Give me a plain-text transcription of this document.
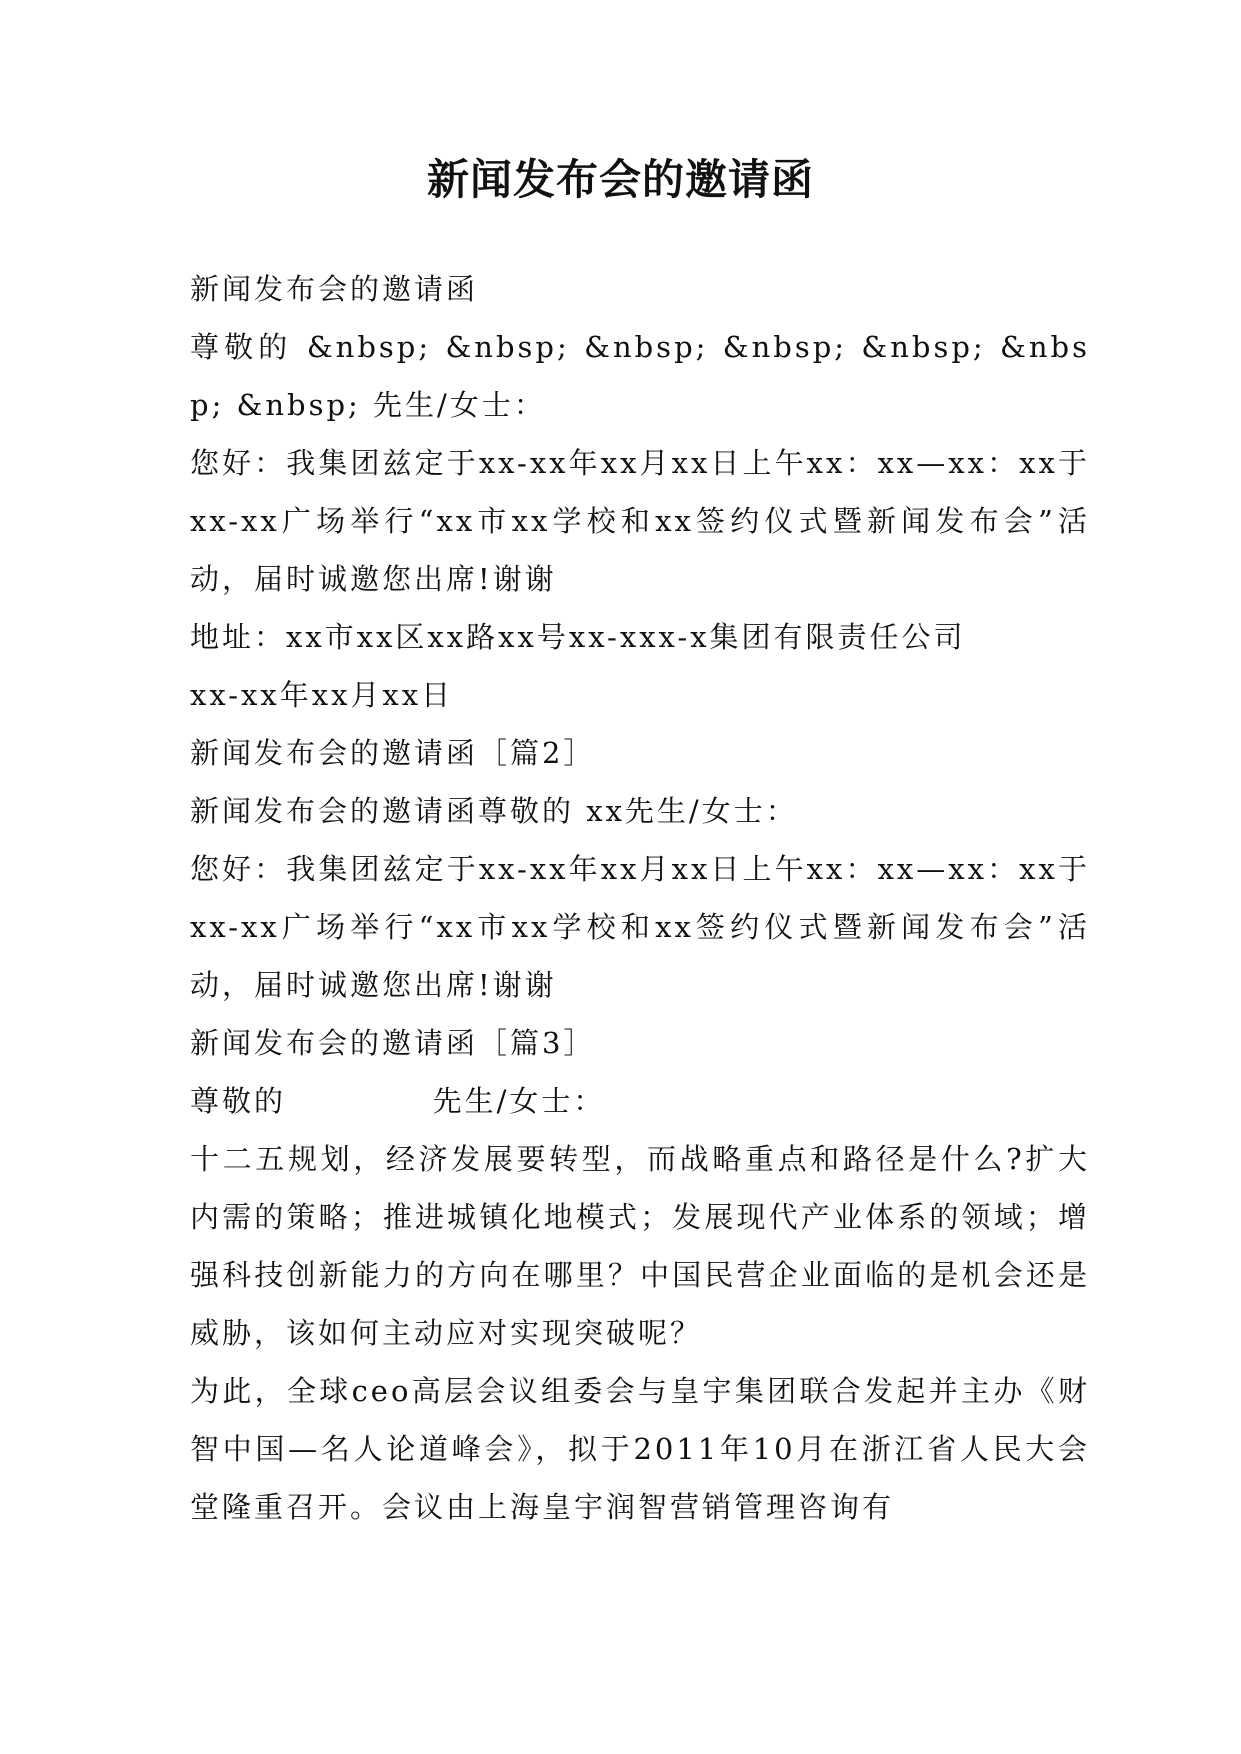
新闻发布会的邀请函

新闻发布会的邀请函

尊敬的 &nbsp; &nbsp; &nbsp; &nbsp; &nbsp; &nbsp; &nbsp; 先生/女士：

您好：我集团兹定于xx-xx年xx月xx日上午xx：xx—xx：xx于xx-xx广场举行“xx市xx学校和xx签约仪式暨新闻发布会”活动，届时诚邀您出席!谢谢

地址：xx市xx区xx路xx号xx-xxx-x集团有限责任公司

xx-xx年xx月xx日

新闻发布会的邀请函［篇2］

新闻发布会的邀请函尊敬的 xx先生/女士：

您好：我集团兹定于xx-xx年xx月xx日上午xx：xx—xx：xx于xx-xx广场举行“xx市xx学校和xx签约仪式暨新闻发布会”活动，届时诚邀您出席!谢谢

新闻发布会的邀请函［篇3］

尊敬的            先生/女士：

十二五规划，经济发展要转型，而战略重点和路径是什么?扩大内需的策略；推进城镇化地模式；发展现代产业体系的领域；增强科技创新能力的方向在哪里？中国民营企业面临的是机会还是威胁，该如何主动应对实现突破呢？

为此，全球ceo高层会议组委会与皇宇集团联合发起并主办《财智中国—名人论道峰会》，拟于2011年10月在浙江省人民大会堂隆重召开。会议由上海皇宇润智营销管理咨询有
